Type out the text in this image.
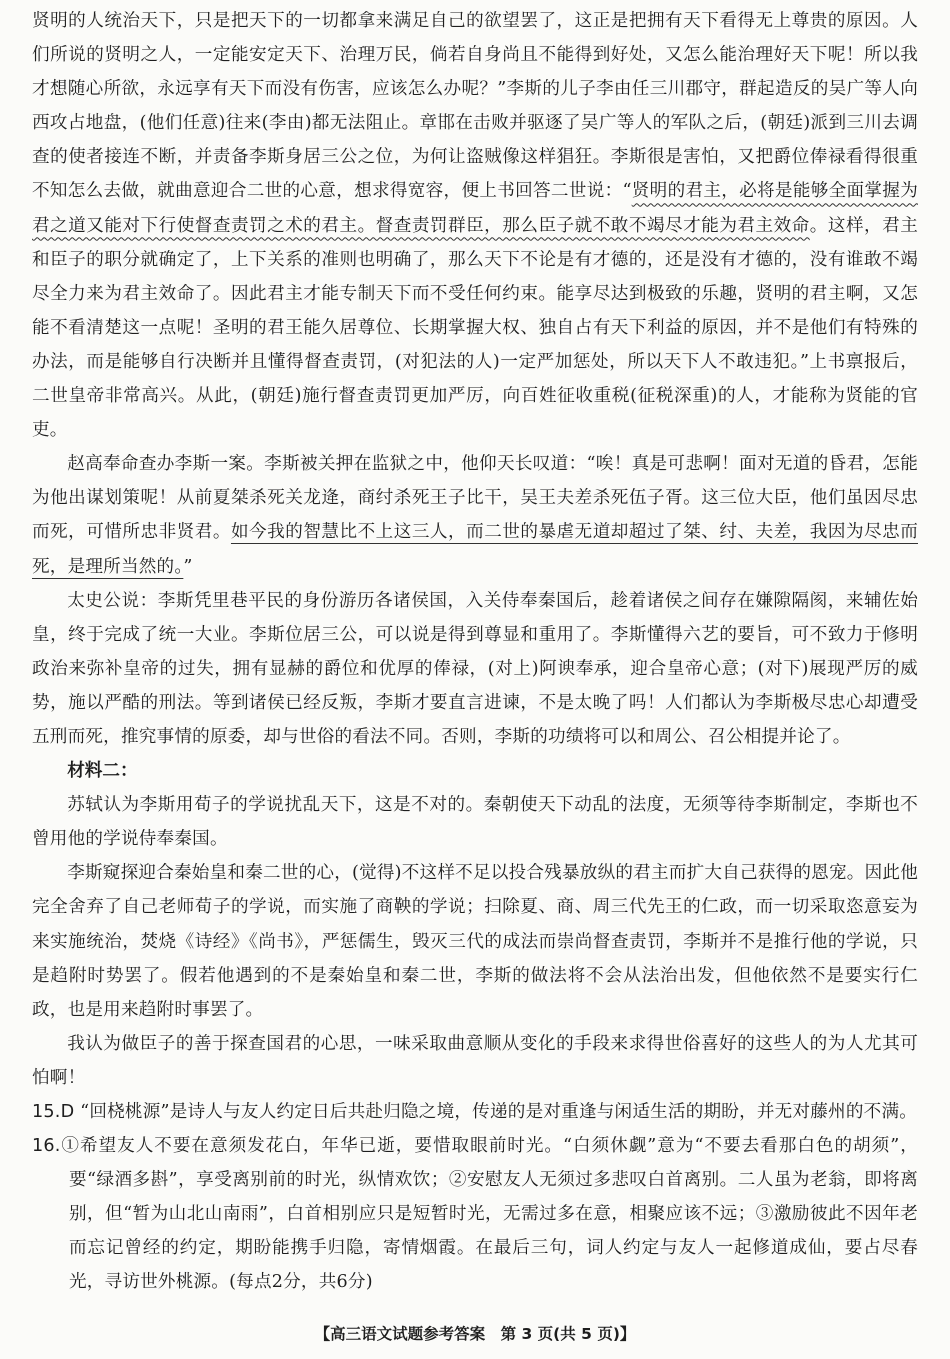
贤明的人统治天下，只是把天下的一切都拿来满足自己的欲望罢了，这正是把拥有天下看得无上尊贵的原因。人们所说的贤明之人，一定能安定天下、治理万民，倘若自身尚且不能得到好处，又怎么能治理好天下呢！所以我才想随心所欲，永远享有天下而没有伤害，应该怎么办呢？”李斯的儿子李由任三川郡守，群起造反的吴广等人向西攻占地盘，(他们任意)往来(李由)都无法阻止。章邯在击败并驱逐了吴广等人的军队之后，(朝廷)派到三川去调查的使者接连不断，并责备李斯身居三公之位，为何让盗贼像这样猖狂。李斯很是害怕，又把爵位俸禄看得很重不知怎么去做，就曲意迎合二世的心意，想求得宽容，便上书回答二世说：“贤明的君主，必将是能够全面掌握为君之道又能对下行使督查责罚之术的君主。督查责罚群臣，那么臣子就不敢不竭尽才能为君主效命。这样，君主和臣子的职分就确定了，上下关系的准则也明确了，那么天下不论是有才德的，还是没有才德的，没有谁敢不竭尽全力来为君主效命了。因此君主才能专制天下而不受任何约束。能享尽达到极致的乐趣，贤明的君主啊，又怎能不看清楚这一点呢！圣明的君王能久居尊位、长期掌握大权、独自占有天下利益的原因，并不是他们有特殊的办法，而是能够自行决断并且懂得督查责罚，(对犯法的人)一定严加惩处，所以天下人不敢违犯。”上书禀报后，二世皇帝非常高兴。从此，(朝廷)施行督查责罚更加严厉，向百姓征收重税(征税深重)的人，才能称为贤能的官吏。

赵高奉命查办李斯一案。李斯被关押在监狱之中，他仰天长叹道：“唉！真是可悲啊！面对无道的昏君，怎能为他出谋划策呢！从前夏桀杀死关龙逄，商纣杀死王子比干，吴王夫差杀死伍子胥。这三位大臣，他们虽因尽忠而死，可惜所忠非贤君。如今我的智慧比不上这三人，而二世的暴虐无道却超过了桀、纣、夫差，我因为尽忠而死，是理所当然的。”

太史公说：李斯凭里巷平民的身份游历各诸侯国，入关侍奉秦国后，趁着诸侯之间存在嫌隙隔阂，来辅佐始皇，终于完成了统一大业。李斯位居三公，可以说是得到尊显和重用了。李斯懂得六艺的要旨，可不致力于修明政治来弥补皇帝的过失，拥有显赫的爵位和优厚的俸禄，(对上)阿谀奉承，迎合皇帝心意；(对下)展现严厉的威势，施以严酷的刑法。等到诸侯已经反叛，李斯才要直言进谏，不是太晚了吗！人们都认为李斯极尽忠心却遭受五刑而死，推究事情的原委，却与世俗的看法不同。否则，李斯的功绩将可以和周公、召公相提并论了。

材料二：

苏轼认为李斯用荀子的学说扰乱天下，这是不对的。秦朝使天下动乱的法度，无须等待李斯制定，李斯也不曾用他的学说侍奉秦国。

李斯窥探迎合秦始皇和秦二世的心，(觉得)不这样不足以投合残暴放纵的君主而扩大自己获得的恩宠。因此他完全舍弃了自己老师荀子的学说，而实施了商鞅的学说；扫除夏、商、周三代先王的仁政，而一切采取恣意妄为来实施统治，焚烧《诗经》《尚书》，严惩儒生，毁灭三代的成法而崇尚督查责罚，李斯并不是推行他的学说，只是趋附时势罢了。假若他遇到的不是秦始皇和秦二世，李斯的做法将不会从法治出发，但他依然不是要实行仁政，也是用来趋附时事罢了。

我认为做臣子的善于探查国君的心思，一味采取曲意顺从变化的手段来求得世俗喜好的这些人的为人尤其可怕啊！

15.D “回桡桃源”是诗人与友人约定日后共赴归隐之境，传递的是对重逢与闲适生活的期盼，并无对藤州的不满。

16.①希望友人不要在意须发花白，年华已逝，要惜取眼前时光。“白须休觑”意为“不要去看那白色的胡须”，要“绿酒多斟”，享受离别前的时光，纵情欢饮；②安慰友人无须过多悲叹白首离别。二人虽为老翁，即将离别，但“暂为山北山南雨”，白首相别应只是短暂时光，无需过多在意，相聚应该不远；③激励彼此不因年老而忘记曾经的约定，期盼能携手归隐，寄情烟霞。在最后三句，词人约定与友人一起修道成仙，要占尽春光，寻访世外桃源。(每点2分，共6分)

【高三语文试题参考答案　第 3 页(共 5 页)】
